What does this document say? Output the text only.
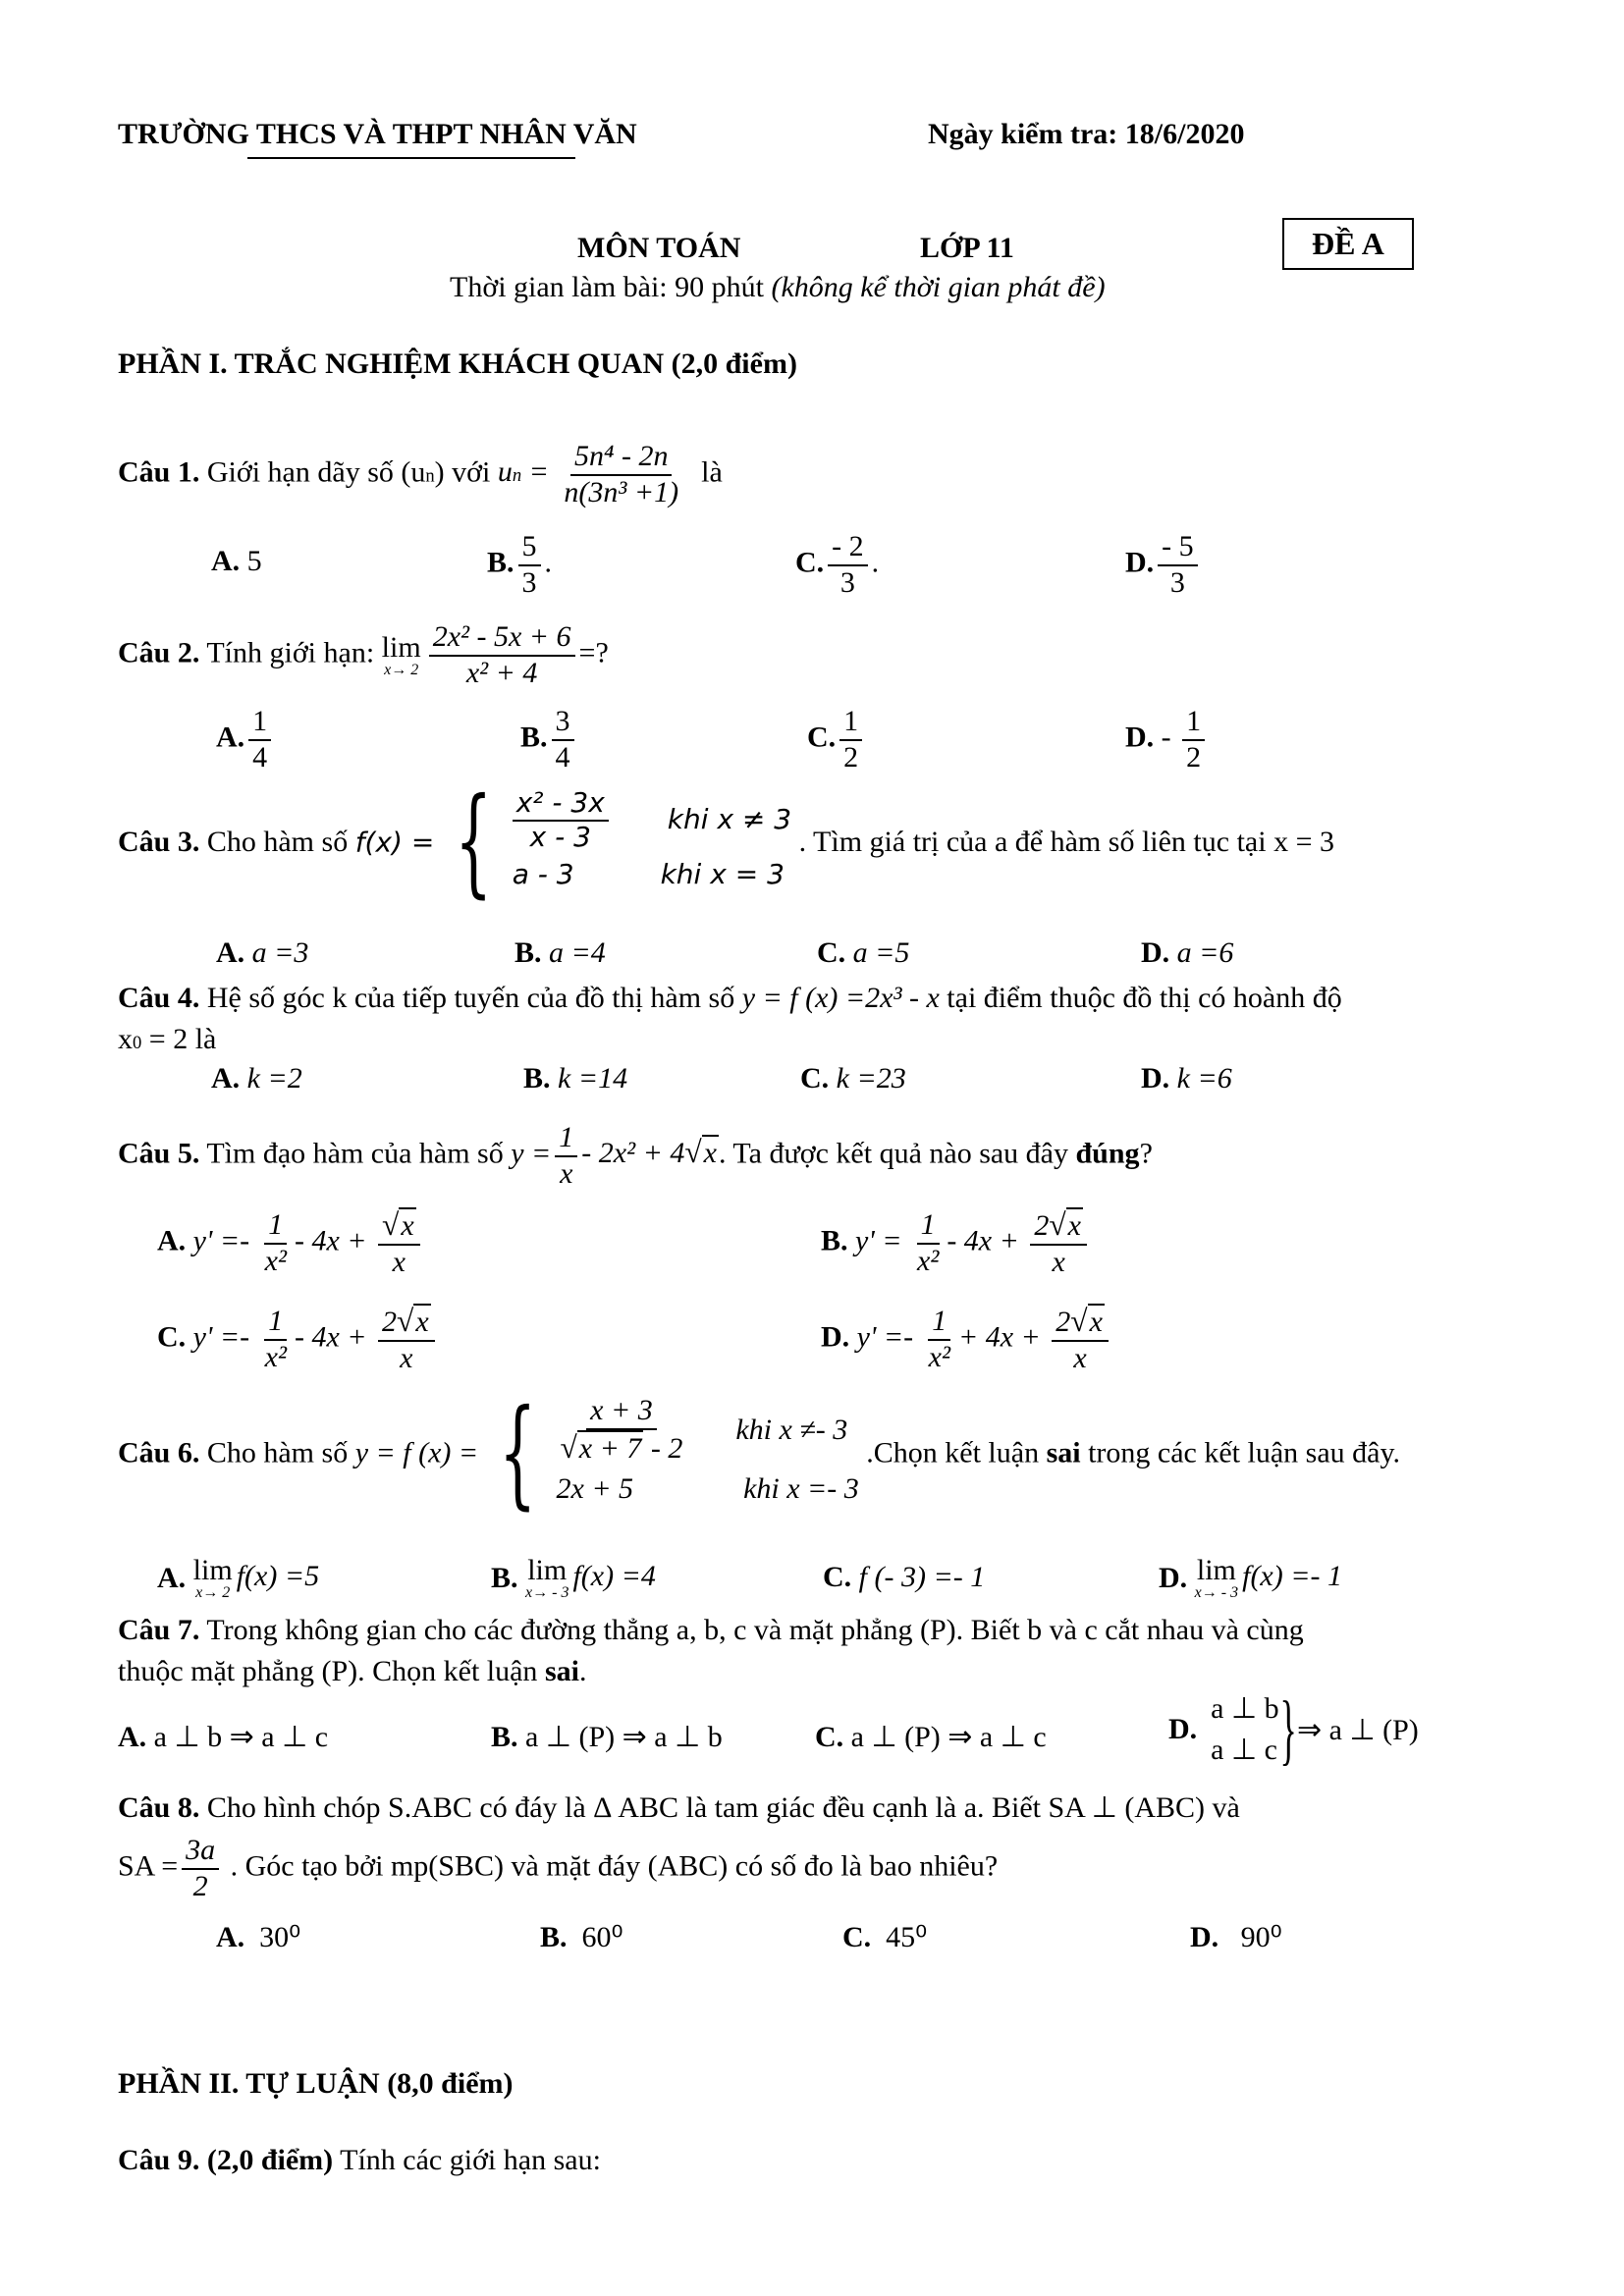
TRƯỜNG THCS VÀ THPT NHÂN VĂN	Ngày kiểm tra: 18/6/2020
MÔN TOÁN	LỚP 11	ĐỀ A
Thời gian làm bài: 90 phút (không kể thời gian phát đề)
PHẦN I. TRẮC NGHIỆM KHÁCH QUAN (2,0 điểm)
Câu 1. Giới hạn dãy số (un) với un = $\frac{\text{5n⁴ - 2n}}{\text{n(3n³ +1)}}$ là
A. 5	B. $\frac{5}{3}$ .	C. $\frac{- 2}{3}$ .	D. $\frac{- 5}{3}$
Câu 2. Tính giới hạn: lim
$x\to 2 \frac{\text{2x² - 5x + 6}}{\text{x² + 4}}$ =?
A. $\frac{1}{4}$	B. $\frac{3}{4}$	C. $\frac{1}{2}$	D. - $\frac{1}{2}$
Câu 3. Cho hàm số f(x) = { $\frac{\text{x² - 3x}}{x - 3}$ khi x ≠ 3
a - 3	khi x = 3
. Tìm giá trị của a để hàm số liên tục tại x = 3
A. a =3	B. a =4	C. a =5	D. a =6
Câu 4. Hệ số góc k của tiếp tuyến của đồ thị hàm số y = f (x) =2x³ - x tại điểm thuộc đồ thị có hoành độ
x0 = 2 là
A. k =2	B. k =14	C. k =23	D. k =6
Câu 5. Tìm đạo hàm của hàm số $y = \frac{1}{x} - 2x^2 + 4√x$. Ta được kết quả nào sau đây đúng?
A. $y' =- \frac{1}{\text{x²}} - 4x + \frac{√x}{x}$	B. $y' = \frac{1}{\text{x²}} - 4x + \frac{2√x}{x}$
C. $y' =- \frac{1}{\text{x²}} - 4x + \frac{2√x}{x}$	D. $y' =- \frac{1}{\text{x²}} + 4x + \frac{2√x}{x}$
Câu 6. Cho hàm số y = f (x) = { $\frac{x + 3}{√x + 7 - 2}$ khi x ≠- 3
2x + 5	khi x =- 3
.Chọn kết luận sai trong các kết luận sau đây.
A. lim
x→ 2
f(x) =5	B. lim
x→ - 3
f(x) =4	C. f (- 3) =- 1	D. lim
x→ - 3
f(x) =- 1
Câu 7. Trong không gian cho các đường thẳng a, b, c và mặt phẳng (P). Biết b và c cắt nhau và cùng
thuộc mặt phẳng (P). Chọn kết luận sai.
A. a ⊥ b ⇒ a ⊥ c	B. a ⊥ (P) ⇒ a ⊥ b	C. a ⊥ (P) ⇒ a ⊥ c	D.
a ⊥ b
a ⊥ c } ⇒ a ⊥ (P)
Câu 8. Cho hình chóp S.ABC có đáy là Δ ABC là tam giác đều cạnh là a. Biết SA ⊥ (ABC) và
SA = $\frac{3a}{2}$ . Góc tạo bởi mp(SBC) và mặt đáy (ABC) có số đo là bao nhiêu?
A. 30⁰	B. 60⁰	C. 45⁰	D. 90⁰
PHẦN II. TỰ LUẬN (8,0 điểm)
Câu 9. (2,0 điểm) Tính các giới hạn sau:
